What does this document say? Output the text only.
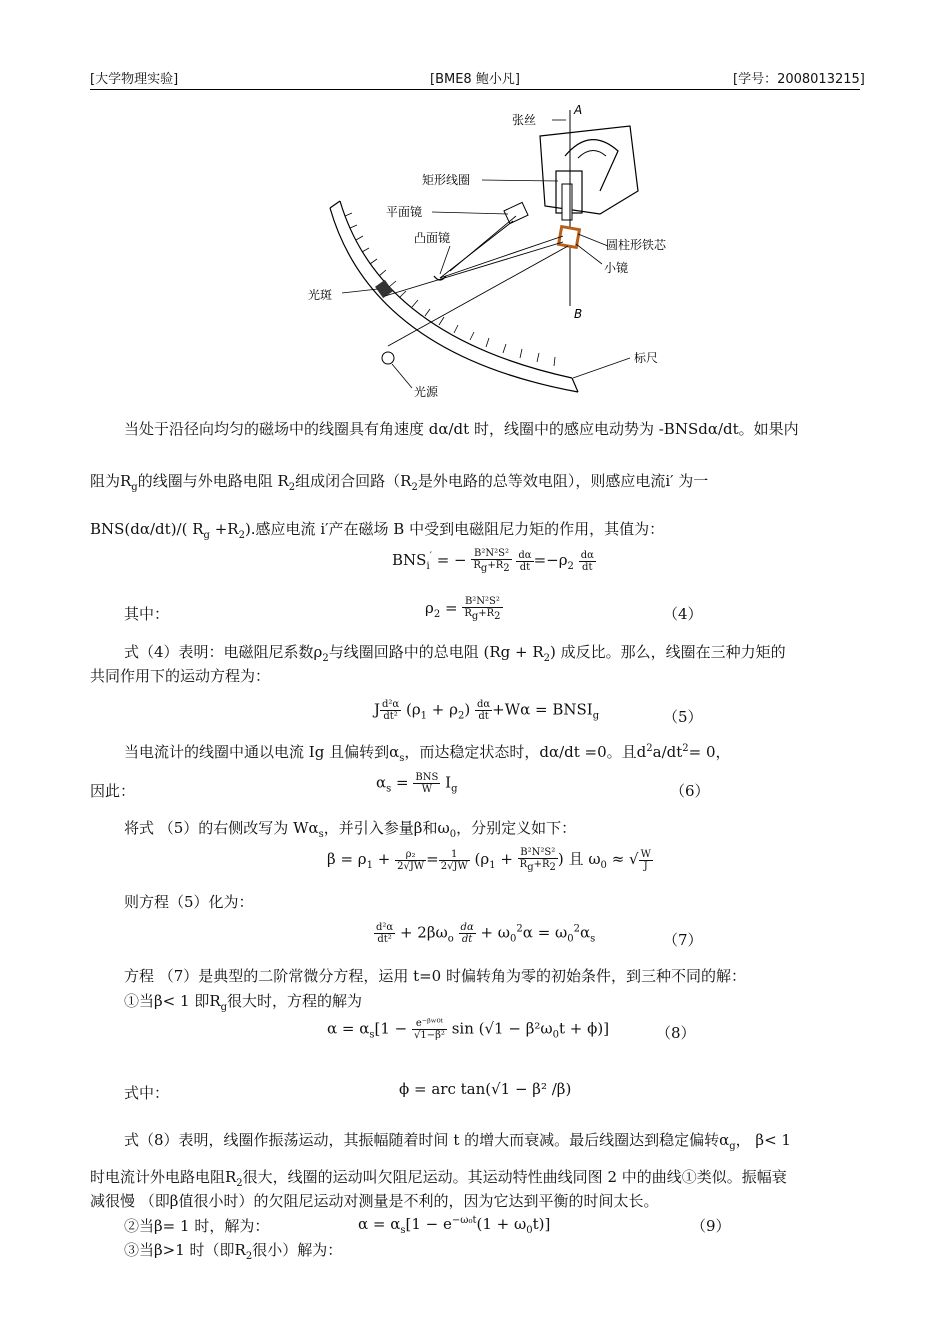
[大学物理实验]	[BME8 鲍小凡]	[学号：2008013215]
张丝
A
矩形线圈
平面镜
凸面镜	圆柱形铁芯
小镜
光斑
B
标尺
光源
当处于沿径向均匀的磁场中的线圈具有角速度 dα/dt 时，线圈中的感应电动势为 -BNSdα/dt。如果内
阻为$R_g$的线圈与外电路电阻 $R_2$组成闭合回路（$R_2$是外电路的总等效电阻），则感应电流i′ 为一
BNS(dα/dt)/( $R_g +R_2$).感应电流 i′产在磁场 B 中受到电磁阻尼力矩的作用，其值为：
$BNS_i'$ = − $\frac{\text{B²N²S²}}{R_g+R_2}$
$\frac{d\alpha}{dt} =-\rho_2 \frac{d\alpha}{dt}$
其中：	$\rho_2 = \frac{\text{B²N²S²}}{R_g+R_2}$	（4）
式（4）表明：电磁阻尼系数$\rho_2$与线圈回路中的总电阻 $(Rg + R_2)$ 成反比。那么，线圈在三种力矩的
共同作用下的运动方程为：
J $\frac{\text{d²α}}{\text{dt²}} (\rho_1 + \rho_2) \frac{d\alpha}{dt} +W\alpha$ = $BNSI_g$	（5）
当电流计的线圈中通以电流 Ig 且偏转到$\alpha_s$，而达稳定状态时，dα/dt =0。且$d^2a/dt^2= 0$，
因此：	$\alpha_s = \frac{\text{BNS}}{W} I_g$	（6）
将式 （5）的右侧改写为 $W\alpha_s$，并引入参量β和$\omega_0$，分别定义如下：
$\beta = \rho_1 + \frac{\text{ρ₂}}{2√JW} = \frac{1}{2√JW} (\rho_1 + \frac{\text{B²N²S²}}{R_g+R_2}$ ) 且 $\omega_0$ ≈ √ $\frac{W}{J}$
则方程（5）化为：
$\frac{\text{d²α}}{\text{dt²}} + 2\beta\omega_o \frac{d\alpha}{dt} + \omega_0^2\alpha = \omega_0^2\alpha_s$	（7）
方程 （7）是典型的二阶常微分方程，运用 t=0 时偏转角为零的初始条件，到三种不同的解：
①当β< 1 即$R_g$很大时，方程的解为
$\alpha = \alpha_s[1 - \frac{\text{e⁻ᵝʷ⁰ᵗ}}{\text{√1−β²}}$ $\sin (√1 - \beta^2\omega_0t + \phi)$]	（8）
式中：	ϕ = arc tan(√1 − β² /β)
式（8）表明，线圈作振荡运动，其振幅随着时间 t 的增大而衰减。最后线圈达到稳定偏转$\alpha_g$， β< 1
时电流计外电路电阻$R_2$很大，线圈的运动叫欠阻尼运动。其运动特性曲线同图 2 中的曲线①类似。振幅衰
减很慢 （即β值很小时）的欠阻尼运动对测量是不利的，因为它达到平衡的时间太长。
②当β= 1 时，解为：	$\alpha = \alpha_s[1 - e^{-\omega_0t}(1 + \omega_0t)]$	（9）
③当β>1 时（即$R_2$很小）解为：
